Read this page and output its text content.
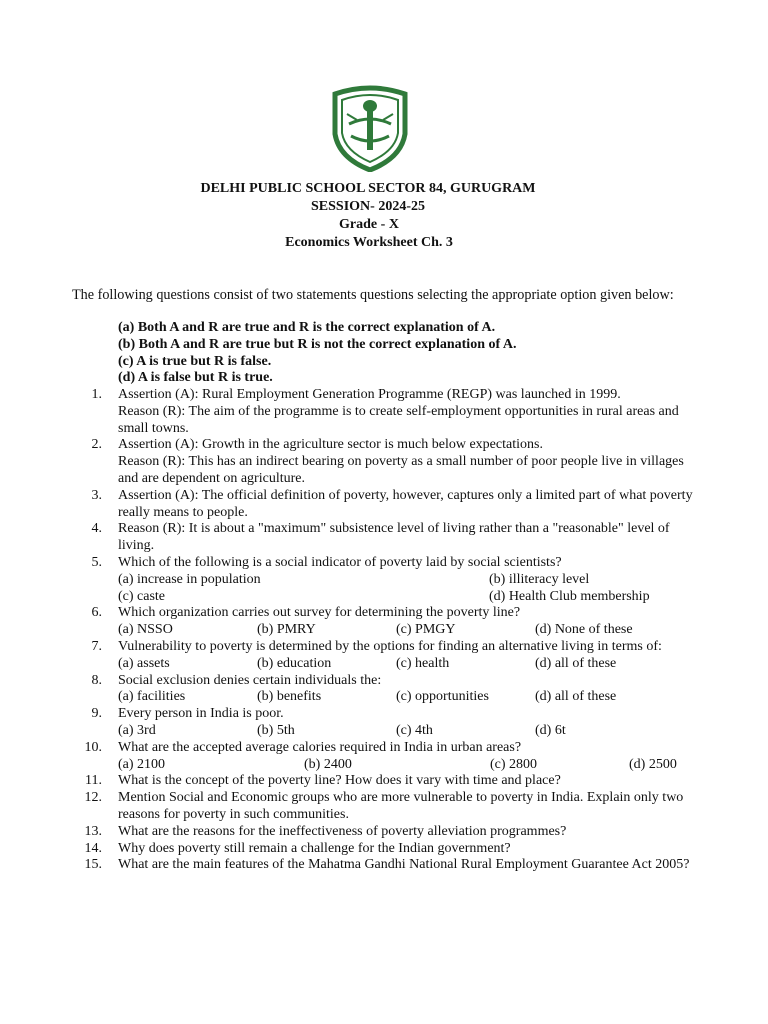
DELHI PUBLIC SCHOOL SECTOR 84, GURUGRAM
SESSION- 2024-25
Grade - X
Economics Worksheet Ch. 3
The following questions consist of two statements questions selecting the appropriate option given below:
(a) Both A and R are true and R is the correct explanation of A.
(b) Both A and R are true but R is not the correct explanation of A.
(c) A is true but R is false.
(d) A is false but R is true.
1.	Assertion (A): Rural Employment Generation Programme (REGP) was launched in 1999.
Reason (R): The aim of the programme is to create self-employment opportunities in rural areas and small towns.
2.	Assertion (A): Growth in the agriculture sector is much below expectations.
Reason (R): This has an indirect bearing on poverty as a small number of poor people live in villages and are dependent on agriculture.
3.	Assertion (A): The official definition of poverty, however, captures only a limited part of what poverty really means to people.
4.	Reason (R): It is about a "maximum" subsistence level of living rather than a "reasonable" level of living.
5.	Which of the following is a social indicator of poverty laid by social scientists?
(a) increase in population	(b) illiteracy level
(c) caste	(d) Health Club membership
6.	Which organization carries out survey for determining the poverty line?
(a) NSSO	(b) PMRY	(c) PMGY	(d) None of these
7.	Vulnerability to poverty is determined by the options for finding an alternative living in terms of:
(a) assets	(b) education	(c) health	(d) all of these
8.	Social exclusion denies certain individuals the:
(a) facilities	(b) benefits	(c) opportunities	(d) all of these
9.	Every person in India is poor.
(a) 3rd	(b) 5th	(c) 4th	(d) 6t
10.	What are the accepted average calories required in India in urban areas?
(a) 2100	(b) 2400	(c) 2800	(d) 2500
11.	What is the concept of the poverty line? How does it vary with time and place?
12.	Mention Social and Economic groups who are more vulnerable to poverty in India. Explain only two reasons for poverty in such communities.
13.	What are the reasons for the ineffectiveness of poverty alleviation programmes?
14.	Why does poverty still remain a challenge for the Indian government?
15.	What are the main features of the Mahatma Gandhi National Rural Employment Guarantee Act 2005?
